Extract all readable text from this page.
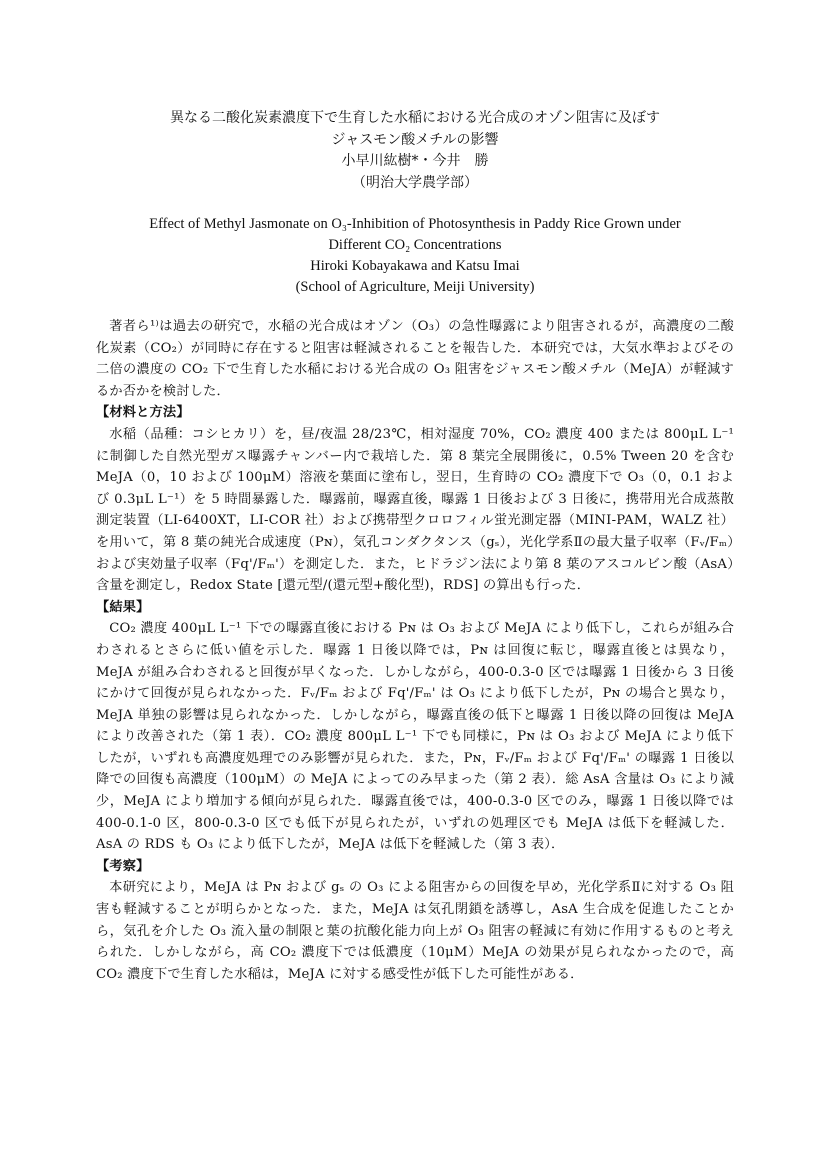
異なる二酸化炭素濃度下で生育した水稲における光合成のオゾン阻害に及ぼす
ジャスモン酸メチルの影響
小早川紘樹*・今井　勝
（明治大学農学部）
Effect of Methyl Jasmonate on O₃-Inhibition of Photosynthesis in Paddy Rice Grown under
Different CO₂ Concentrations
Hiroki Kobayakawa and Katsu Imai
(School of Agriculture, Meiji University)

著者ら¹⁾は過去の研究で，水稲の光合成はオゾン（O₃）の急性曝露により阻害されるが，高濃度の二酸化炭素（CO₂）が同時に存在すると阻害は軽減されることを報告した．本研究では，大気水準およびその二倍の濃度の CO₂ 下で生育した水稲における光合成の O₃ 阻害をジャスモン酸メチル（MeJA）が軽減するか否かを検討した．

【材料と方法】

水稲（品種：コシヒカリ）を，昼/夜温 28/23℃，相対湿度 70%，CO₂ 濃度 400 または 800μL L⁻¹ に制御した自然光型ガス曝露チャンバー内で栽培した．第 8 葉完全展開後に，0.5% Tween 20 を含む MeJA（0，10 および 100μM）溶液を葉面に塗布し，翌日，生育時の CO₂ 濃度下で O₃（0，0.1 および 0.3μL L⁻¹）を 5 時間暴露した．曝露前，曝露直後，曝露 1 日後および 3 日後に，携帯用光合成蒸散測定装置（LI-6400XT，LI-COR 社）および携帯型クロロフィル蛍光測定器（MINI-PAM，WALZ 社）を用いて，第 8 葉の純光合成速度（Pɴ），気孔コンダクタンス（gₛ），光化学系Ⅱの最大量子収率（Fᵥ/Fₘ）および実効量子収率（Fq'/Fₘ'）を測定した．また，ヒドラジン法により第 8 葉のアスコルビン酸（AsA）含量を測定し，Redox State [還元型/(還元型+酸化型)，RDS] の算出も行った．

【結果】

CO₂ 濃度 400μL L⁻¹ 下での曝露直後における Pɴ は O₃ および MeJA により低下し，これらが組み合わされるとさらに低い値を示した．曝露 1 日後以降では，Pɴ は回復に転じ，曝露直後とは異なり，MeJA が組み合わされると回復が早くなった．しかしながら，400-0.3-0 区では曝露 1 日後から 3 日後にかけて回復が見られなかった．Fᵥ/Fₘ および Fq'/Fₘ' は O₃ により低下したが，Pɴ の場合と異なり，MeJA 単独の影響は見られなかった．しかしながら，曝露直後の低下と曝露 1 日後以降の回復は MeJA により改善された（第 1 表）．CO₂ 濃度 800μL L⁻¹ 下でも同様に，Pɴ は O₃ および MeJA により低下したが，いずれも高濃度処理でのみ影響が見られた．また，Pɴ，Fᵥ/Fₘ および Fq'/Fₘ' の曝露 1 日後以降での回復も高濃度（100μM）の MeJA によってのみ早まった（第 2 表）．総 AsA 含量は O₃ により減少，MeJA により増加する傾向が見られた．曝露直後では，400-0.3-0 区でのみ，曝露 1 日後以降では 400-0.1-0 区，800-0.3-0 区でも低下が見られたが，いずれの処理区でも MeJA は低下を軽減した．AsA の RDS も O₃ により低下したが，MeJA は低下を軽減した（第 3 表）．

【考察】

本研究により，MeJA は Pɴ および gₛ の O₃ による阻害からの回復を早め，光化学系Ⅱに対する O₃ 阻害も軽減することが明らかとなった．また，MeJA は気孔閉鎖を誘導し，AsA 生合成を促進したことから，気孔を介した O₃ 流入量の制限と葉の抗酸化能力向上が O₃ 阻害の軽減に有効に作用するものと考えられた．しかしながら，高 CO₂ 濃度下では低濃度（10μM）MeJA の効果が見られなかったので，高 CO₂ 濃度下で生育した水稲は，MeJA に対する感受性が低下した可能性がある．
